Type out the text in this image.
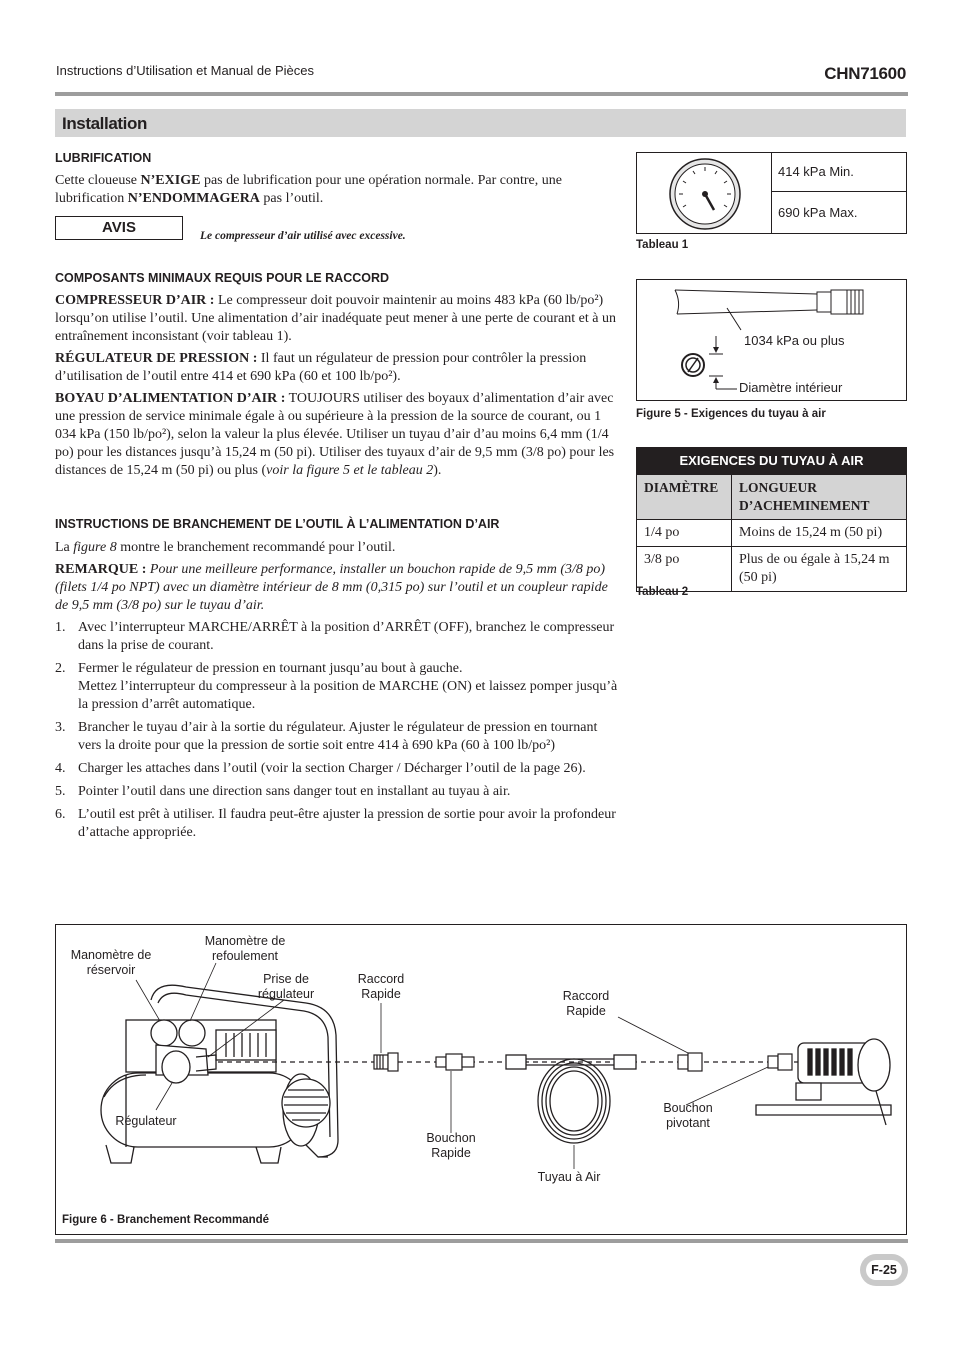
Instructions d’Utilisation et Manual de Pièces	CHN71600
Installation
LUBRIFICATION
Cette cloueuse N’EXIGE pas de lubrification pour une opération normale. Par contre, une lubrification N’ENDOMMAGERA pas l’outil.
AVIS	Le compresseur d’air utilisé avec excessive.
COMPOSANTS MINIMAUX REQUIS POUR LE RACCORD
COMPRESSEUR D’AIR : Le compresseur doit pouvoir maintenir au moins 483 kPa (60 lb/po²) lorsqu’on utilise l’outil. Une alimentation d’air inadéquate peut mener à une perte de courant et à un entraînement inconsistant (voir tableau 1).
RÉGULATEUR DE PRESSION : Il faut un régulateur de pression pour contrôler la pression d’utilisation de l’outil entre 414 et 690 kPa (60 et 100 lb/po²).
BOYAU D’ALIMENTATION D’AIR : TOUJOURS utiliser des boyaux d’alimentation d’air avec une pression de service minimale égale à ou supérieure à la pression de la source de courant, ou 1 034 kPa (150 lb/po²), selon la valeur la plus élevée. Utiliser un tuyau d’air d’au moins 6,4 mm (1/4 po) pour les distances jusqu’à 15,24 m (50 pi). Utiliser des tuyaux d’air de 9,5 mm (3/8 po) pour les distances de 15,24 m (50 pi) ou plus (voir la figure 5 et le tableau 2).
INSTRUCTIONS DE BRANCHEMENT DE L’OUTIL À L’ALIMENTATION D’AIR
La figure 8 montre le branchement recommandé pour l’outil.
REMARQUE : Pour une meilleure performance, installer un bouchon rapide de 9,5 mm (3/8 po) (filets 1/4 po NPT) avec un diamètre intérieur de 8 mm (0,315 po) sur l’outil et un coupleur rapide de 9,5 mm (3/8 po) sur le tuyau d’air.
1. Avec l’interrupteur MARCHE/ARRÊT à la position d’ARRÊT (OFF), branchez le compresseur dans la prise de courant.
2. Fermer le régulateur de pression en tournant jusqu’au bout à gauche.
Mettez l’interrupteur du compresseur à la position de MARCHE (ON) et laissez pomper jusqu’à la pression d’arrêt automatique.
3. Brancher le tuyau d’air à la sortie du régulateur. Ajuster le régulateur de pression en tournant vers la droite pour que la pression de sortie soit entre 414 à 690 kPa (60 à 100 lb/po²)
4. Charger les attaches dans l’outil (voir la section Charger / Décharger l’outil de la page 26).
5. Pointer l’outil dans une direction sans danger tout en installant au tuyau à air.
6. L’outil est prêt à utiliser. Il faudra peut-être ajuster la pression de sortie pour avoir la profondeur d’attache appropriée.
414 kPa Min.
690 kPa Max.
Tableau 1
1034 kPa ou plus
Diamètre intérieur
Figure 5 - Exigences du tuyau à air
EXIGENCES DU TUYAU À AIR	
DIAMÈTRE	LONGUEUR D’ACHEMINEMENT
1/4 po	Moins de 15,24 m (50 pi)
3/8 po	Plus de ou égale à 15,24 m (50 pi)
Tableau 2
Manomètre de réservoir
Manomètre de refoulement
Prise de régulateur
Raccord Rapide	Raccord Rapide
Régulateur
Bouchon Rapide
Tuyau à Air
Bouchon pivotant
Figure 6 - Branchement Recommandé
F-25
